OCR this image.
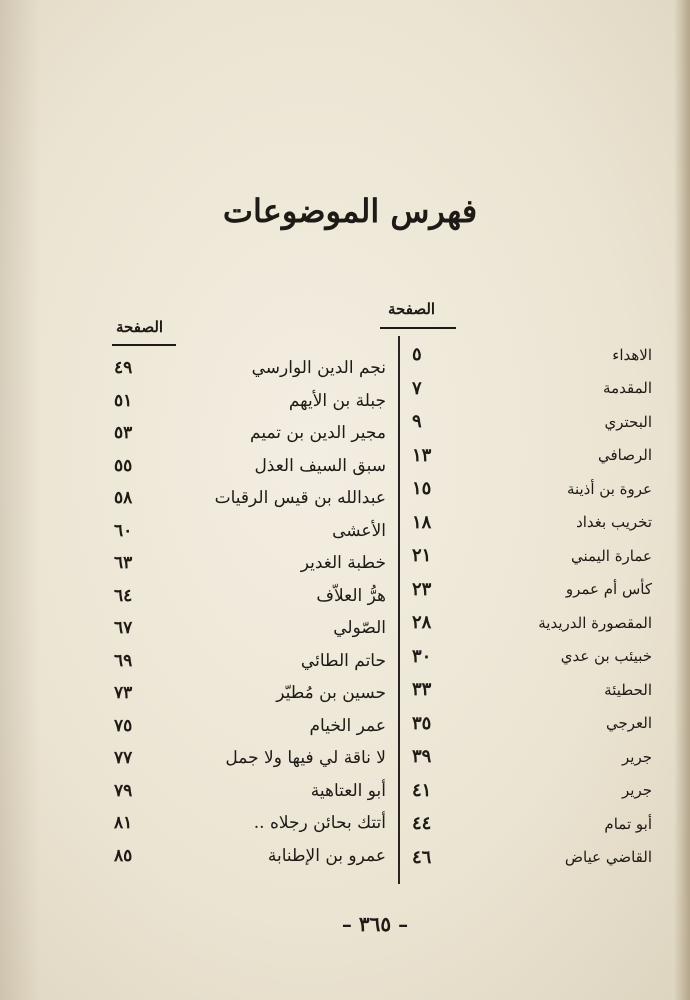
فهرس الموضوعات
الصفحة
الصفحة
٤٩	نجم الدين الوارسي
٥١	جبلة بن الأيهم
٥٣	مجير الدين بن تميم
٥٥	سبق السيف العذل
٥٨	عبدالله بن قيس الرقيات
٦٠	الأعشى
٦٣	خطبة الغدير
٦٤	هرُّ العلاّف
٦٧	الصّولي
٦٩	حاتم الطائي
٧٣	حسين بن مُطيّر
٧٥	عمر الخيام
٧٧	لا ناقة لي فيها ولا جمل
٧٩	أبو العتاهية
٨١	أتتك بحائن رجلاه ..
٨٥	عمرو بن الإطنابة
٥	الاهداء
٧	المقدمة
٩	البحتري
١٣	الرصافي
١٥	عروة بن أذينة
١٨	تخريب بغداد
٢١	عمارة اليمني
٢٣	كأس أم عمرو
٢٨	المقصورة الدريدية
٣٠	خبيئب بن عدي
٣٣	الحطيئة
٣٥	العرجي
٣٩	جرير
٤١	جرير
٤٤	أبو تمام
٤٦	القاضي عياض
– ٣٦٥ –
